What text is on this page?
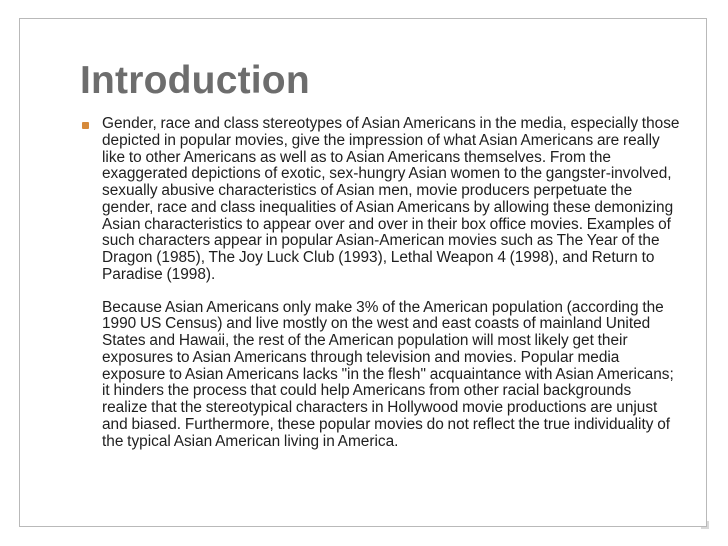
Introduction

Gender, race and class stereotypes of Asian Americans in the media, especially those depicted in popular movies, give the impression of what Asian Americans are really like to other Americans as well as to Asian Americans themselves. From the exaggerated depictions of exotic, sex-hungry Asian women to the gangster-involved, sexually abusive characteristics of Asian men, movie producers perpetuate the gender, race and class inequalities of Asian Americans by allowing these demonizing Asian characteristics to appear over and over in their box office movies. Examples of such characters appear in popular Asian-American movies such as The Year of the Dragon (1985), The Joy Luck Club (1993), Lethal Weapon 4 (1998), and Return to Paradise (1998).

Because Asian Americans only make 3% of the American population (according the 1990 US Census) and live mostly on the west and east coasts of mainland United States and Hawaii, the rest of the American population will most likely get their exposures to Asian Americans through television and movies. Popular media exposure to Asian Americans lacks "in the flesh" acquaintance with Asian Americans; it hinders the process that could help Americans from other racial backgrounds realize that the stereotypical characters in Hollywood movie productions are unjust and biased. Furthermore, these popular movies do not reflect the true individuality of the typical Asian American living in America.
